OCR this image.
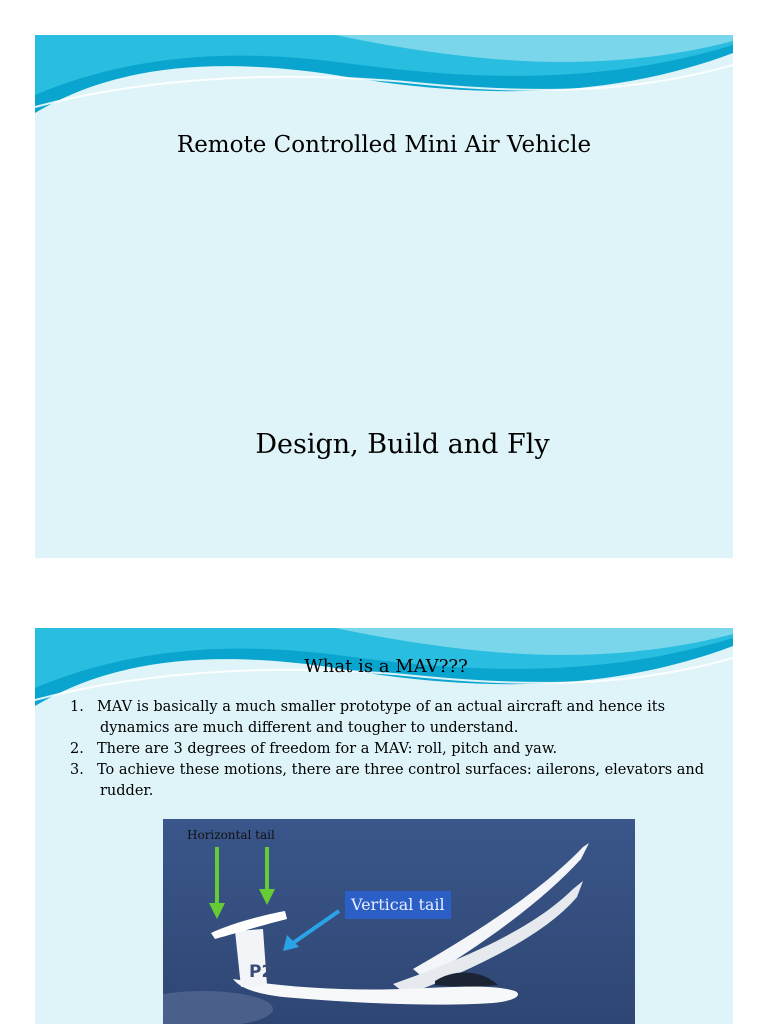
Remote Controlled Mini Air Vehicle
Design, Build and Fly
What is a MAV???
1. MAV is basically a much smaller prototype of an actual aircraft and hence its
dynamics are much different and tougher to understand.
2. There are 3 degrees of freedom for a MAV: roll, pitch and yaw.
3. To achieve these motions, there are three control surfaces: ailerons, elevators and
rudder.
P2
Horizontal tail
Vertical tail
